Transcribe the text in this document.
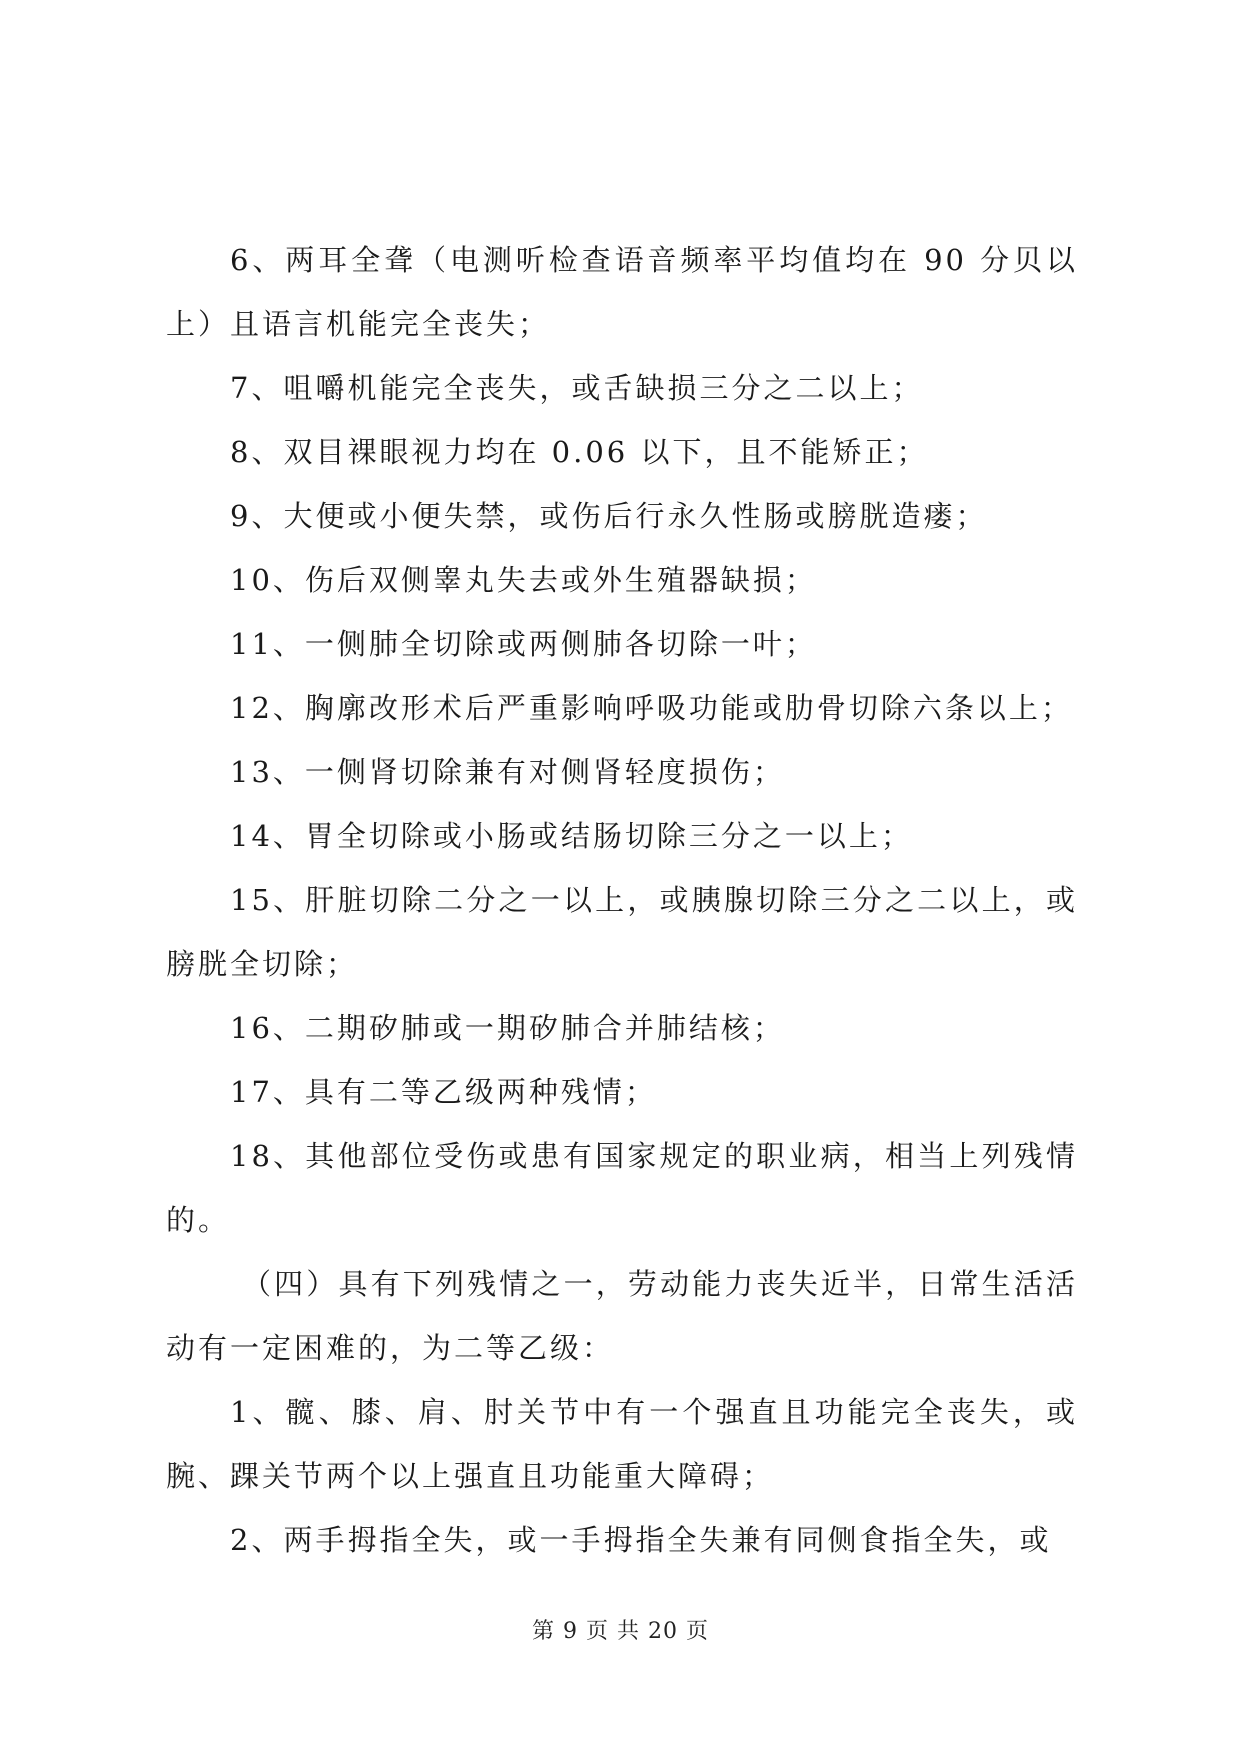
6、两耳全聋（电测听检查语音频率平均值均在 90 分贝以上）且语言机能完全丧失；

7、咀嚼机能完全丧失，或舌缺损三分之二以上；

8、双目裸眼视力均在 0.06 以下，且不能矫正；

9、大便或小便失禁，或伤后行永久性肠或膀胱造瘘；

10、伤后双侧睾丸失去或外生殖器缺损；

11、一侧肺全切除或两侧肺各切除一叶；

12、胸廓改形术后严重影响呼吸功能或肋骨切除六条以上；

13、一侧肾切除兼有对侧肾轻度损伤；

14、胃全切除或小肠或结肠切除三分之一以上；

15、肝脏切除二分之一以上，或胰腺切除三分之二以上，或膀胱全切除；

16、二期矽肺或一期矽肺合并肺结核；

17、具有二等乙级两种残情；

18、其他部位受伤或患有国家规定的职业病，相当上列残情的。

（四）具有下列残情之一，劳动能力丧失近半，日常生活活动有一定困难的，为二等乙级：

1、髋、膝、肩、肘关节中有一个强直且功能完全丧失，或腕、踝关节两个以上强直且功能重大障碍；

2、两手拇指全失，或一手拇指全失兼有同侧食指全失，或

第 9 页 共 20 页
